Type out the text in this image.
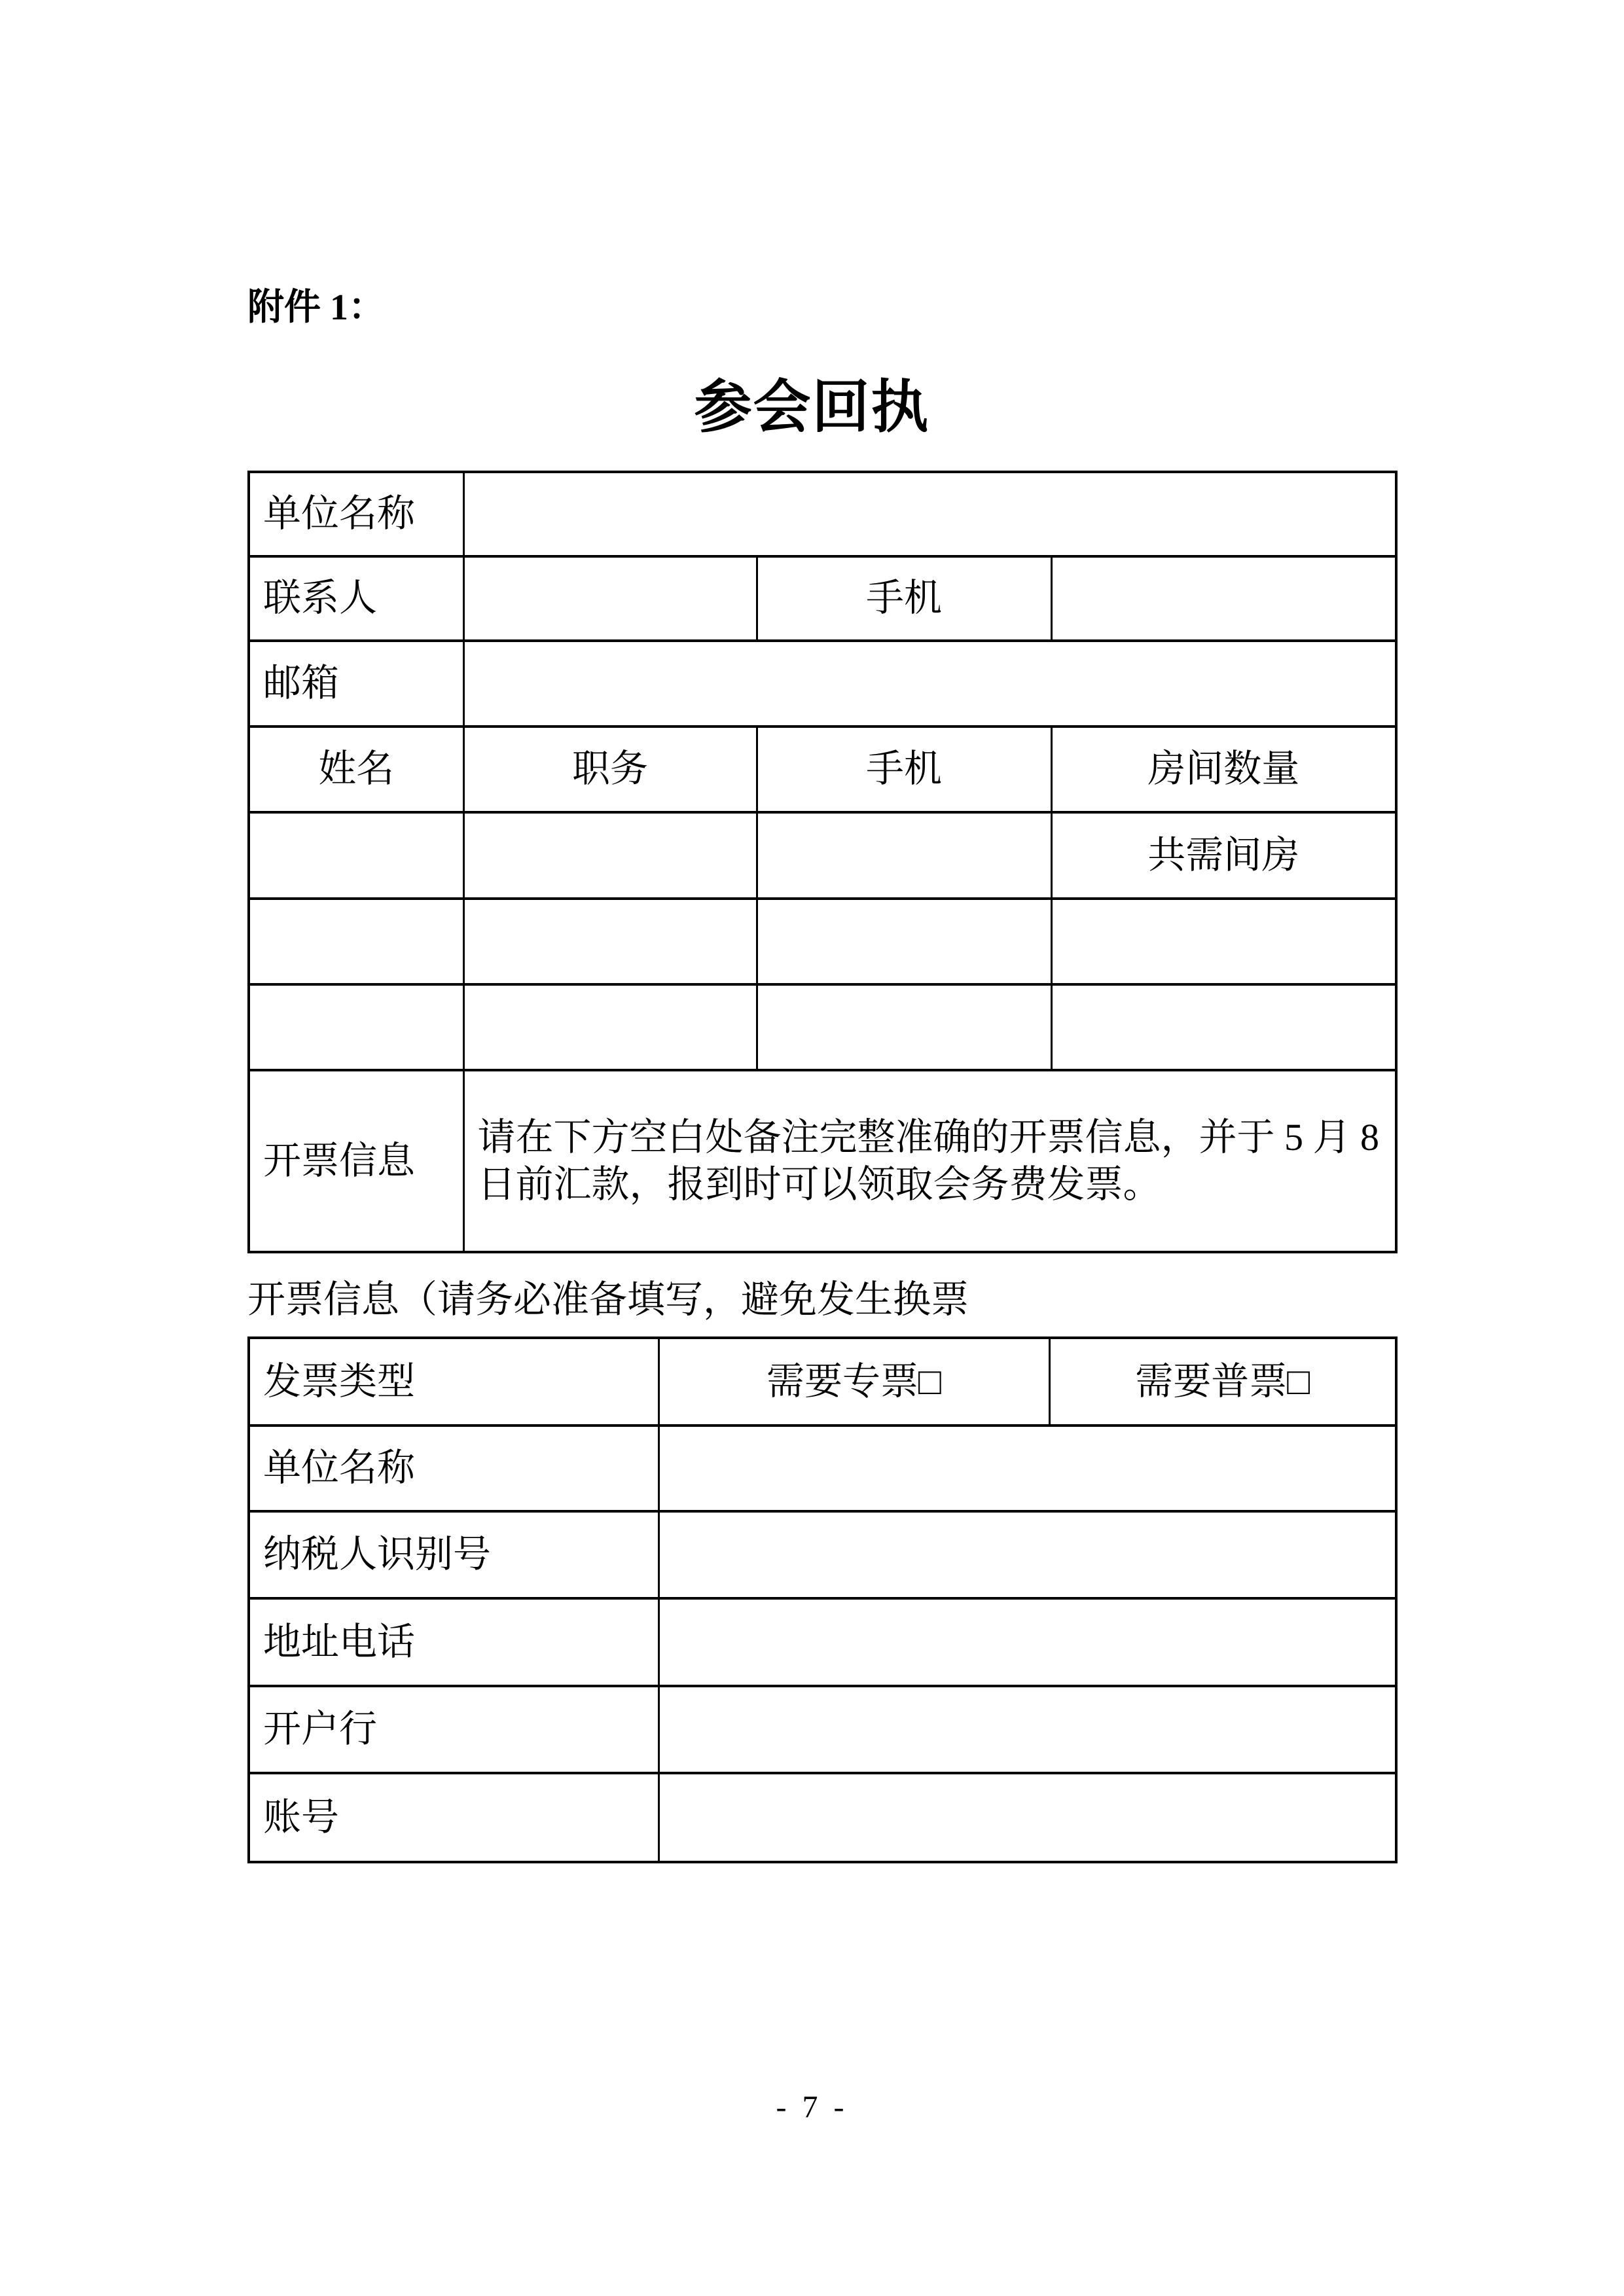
附件 1：
参会回执
单位名称			
联系人		手机	
邮箱			
姓名	职务	手机	房间数量
			共需间房

开票信息	请在下方空白处备注完整准确的开票信息，并于 5 月 8
日前汇款，报到时可以领取会务费发票。		
开票信息（请务必准备填写，避免发生换票
发票类型	需要专票□	需要普票□
单位名称		
纳税人识别号		
地址电话		
开户行		
账号		
- 7 -
